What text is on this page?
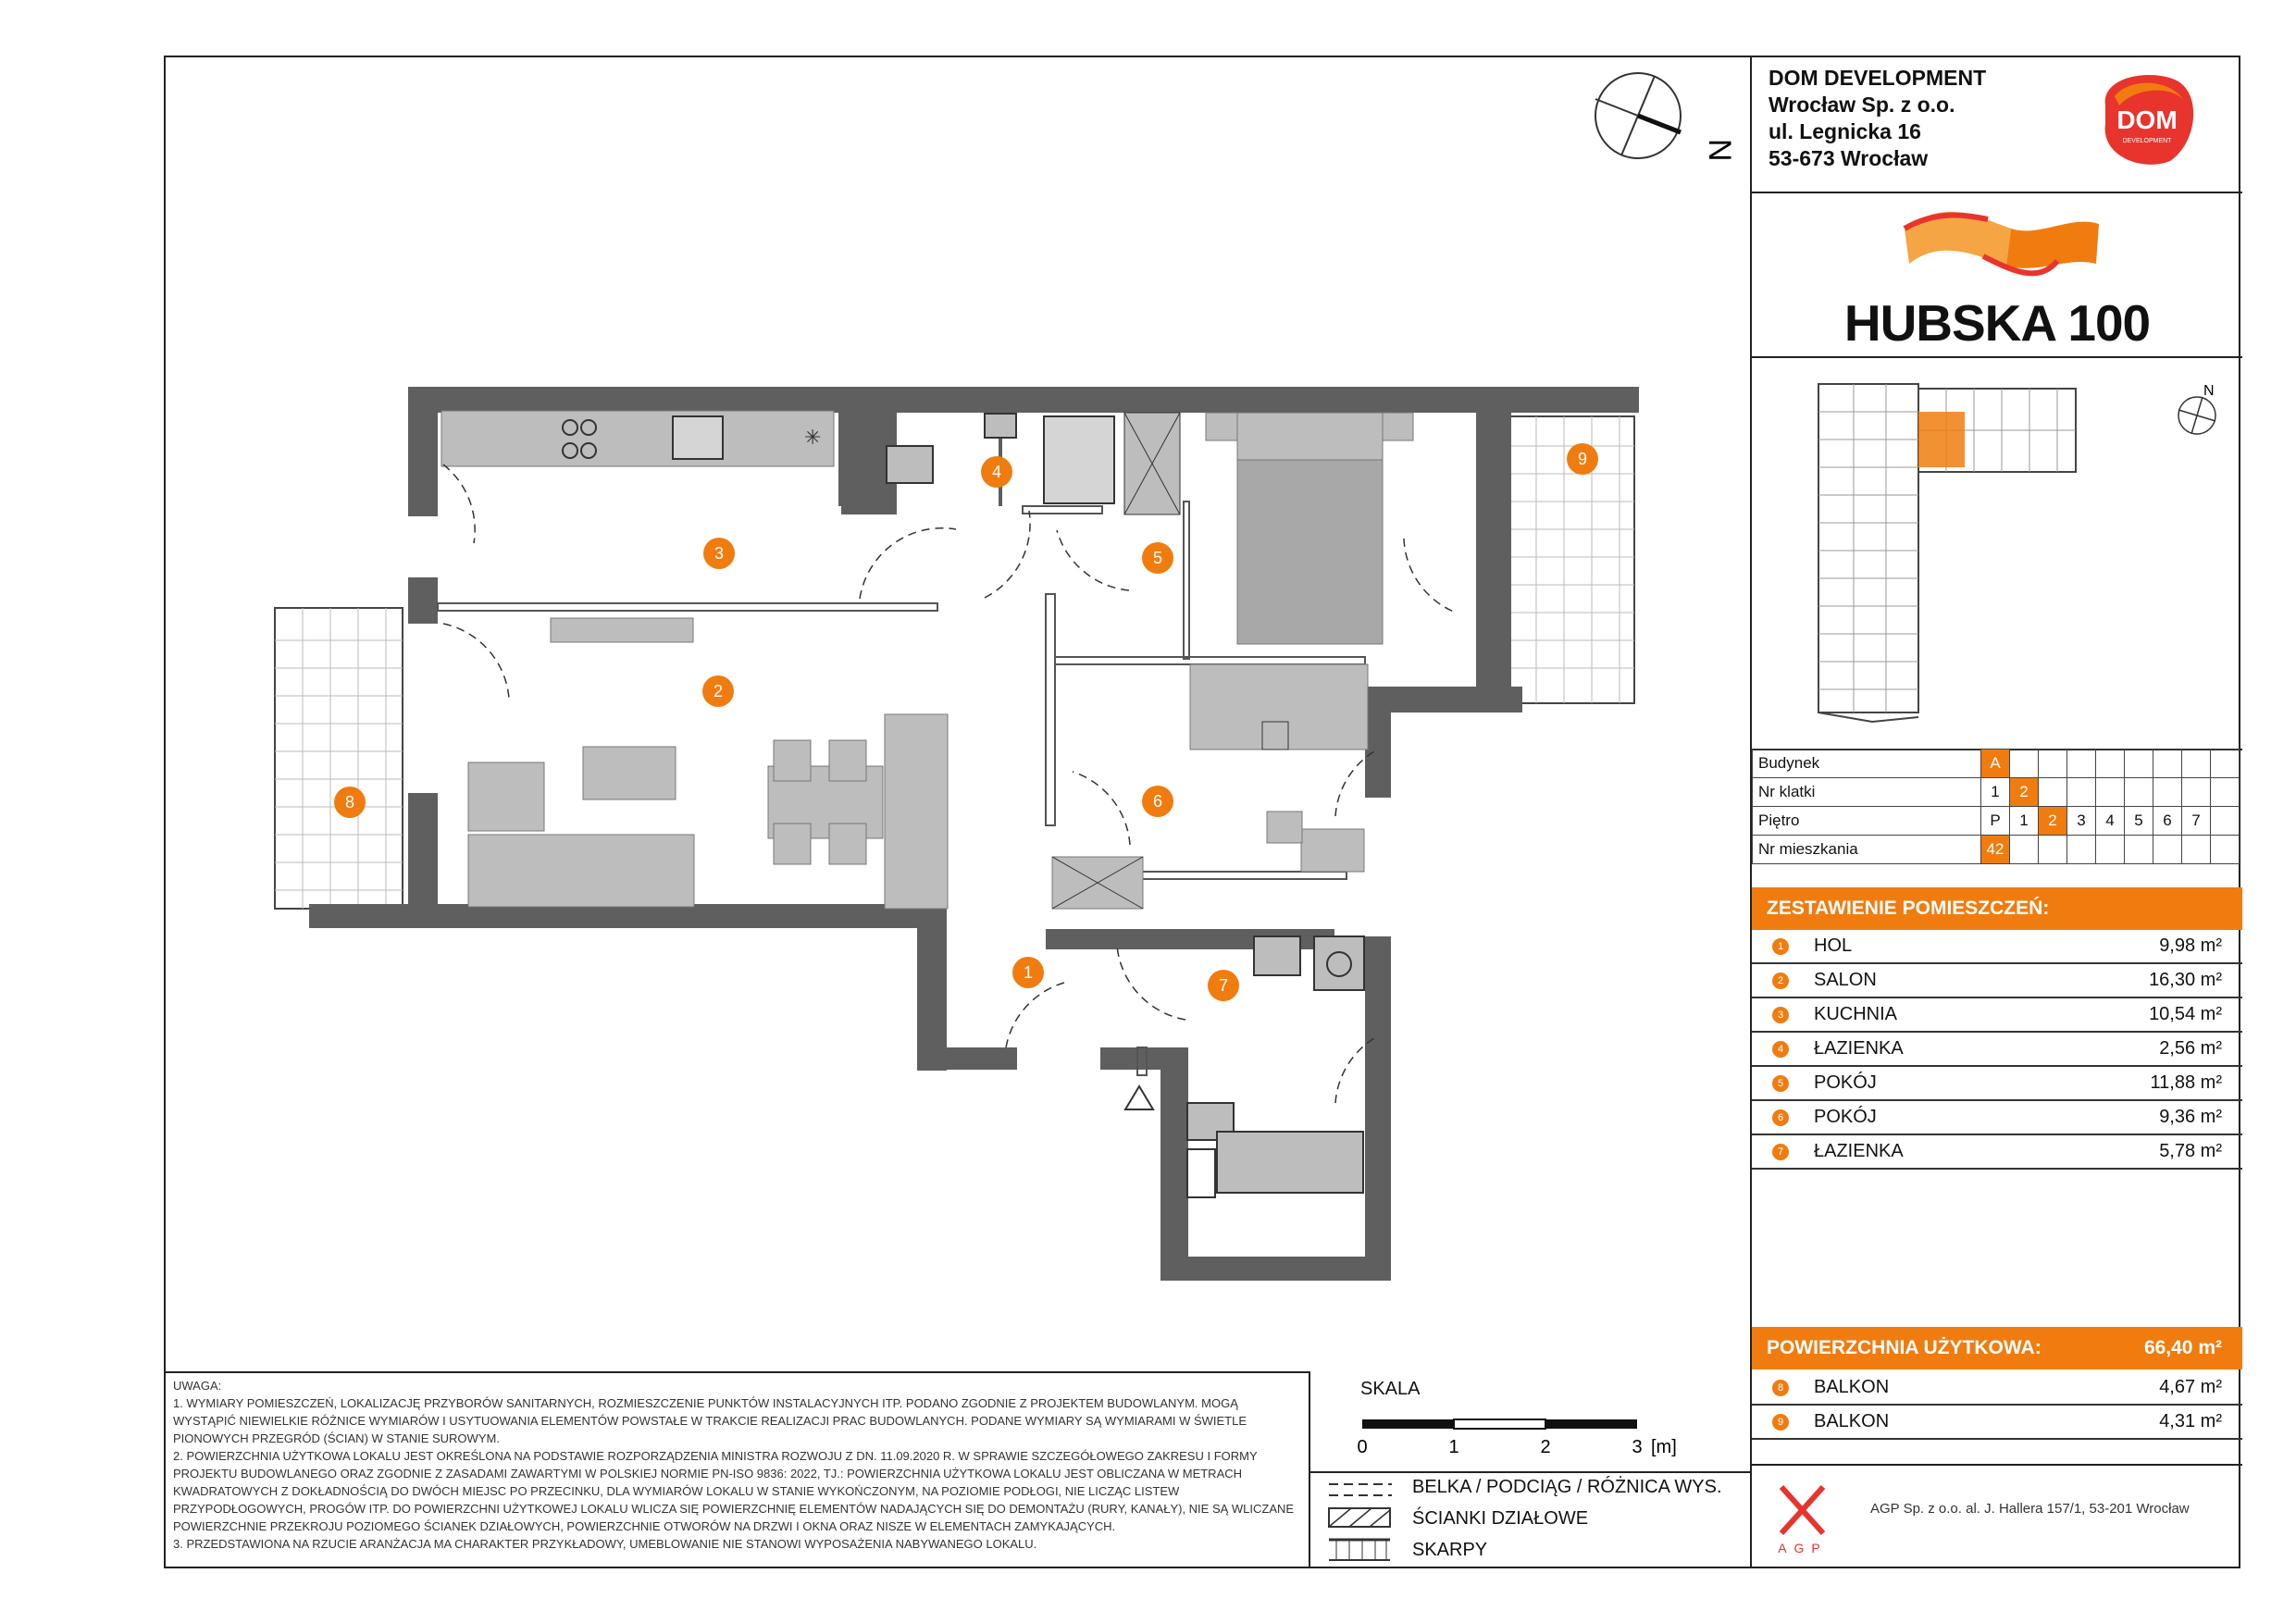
N
✳
1
2
3
4
5
6
7
8
9
DOM DEVELOPMENT
Wrocław Sp. z o.o.
ul. Legnicka 16
53-673 Wrocław
DOM
DEVELOPMENT
HUBSKA 100
N
Budynek	A								
Nr klatki	1	2							
Piętro	P	1	2	3	4	5	6	7	
Nr mieszkania	42								
ZESTAWIENIE POMIESZCZEŃ:
1 HOL	9,98 m²
2 SALON	16,30 m²
3 KUCHNIA	10,54 m²
4 ŁAZIENKA	2,56 m²
5 POKÓJ	11,88 m²
6 POKÓJ	9,36 m²
7 ŁAZIENKA	5,78 m²
POWIERZCHNIA UŻYTKOWA:	66,40 m²
8 BALKON	4,67 m²
9 BALKON	4,31 m²
AGP
AGP Sp. z o.o. al. J. Hallera 157/1, 53-201 Wrocław

UWAGA:

1. WYMIARY POMIESZCZEŃ, LOKALIZACJĘ PRZYBORÓW SANITARNYCH, ROZMIESZCZENIE PUNKTÓW INSTALACYJNYCH ITP. PODANO ZGODNIE Z PROJEKTEM BUDOWLANYM. MOGĄ WYSTĄPIĆ NIEWIELKIE RÓŻNICE WYMIARÓW I USYTUOWANIA ELEMENTÓW POWSTAŁE W TRAKCIE REALIZACJI PRAC BUDOWLANYCH. PODANE WYMIARY SĄ WYMIARAMI W ŚWIETLE PIONOWYCH PRZEGRÓD (ŚCIAN) W STANIE SUROWYM.

2. POWIERZCHNIA UŻYTKOWA LOKALU JEST OKREŚLONA NA PODSTAWIE ROZPORZĄDZENIA MINISTRA ROZWOJU Z DN. 11.09.2020 R. W SPRAWIE SZCZEGÓŁOWEGO ZAKRESU I FORMY PROJEKTU BUDOWLANEGO ORAZ ZGODNIE Z ZASADAMI ZAWARTYMI W POLSKIEJ NORMIE PN-ISO 9836: 2022, TJ.: POWIERZCHNIA UŻYTKOWA LOKALU JEST OBLICZANA W METRACH KWADRATOWYCH Z DOKŁADNOŚCIĄ DO DWÓCH MIEJSC PO PRZECINKU, DLA WYMIARÓW LOKALU W STANIE WYKOŃCZONYM, NA POZIOMIE PODŁOGI, NIE LICZĄC LISTEW PRZYPODŁOGOWYCH, PROGÓW ITP. DO POWIERZCHNI UŻYTKOWEJ LOKALU WLICZA SIĘ POWIERZCHNIĘ ELEMENTÓW NADAJĄCYCH SIĘ DO DEMONTAŻU (RURY, KANAŁY), NIE SĄ WLICZANE POWIERZCHNIE PRZEKROJU POZIOMEGO ŚCIANEK DZIAŁOWYCH, POWIERZCHNIE OTWORÓW NA DRZWI I OKNA ORAZ NISZE W ELEMENTACH ZAMYKAJĄCYCH.

3. PRZEDSTAWIONA NA RZUCIE ARANŻACJA MA CHARAKTER PRZYKŁADOWY, UMEBLOWANIE NIE STANOWI WYPOSAŻENIA NABYWANEGO LOKALU.

SKALA
0	1	2	3 [m]
BELKA / PODCIĄG / RÓŻNICA WYS.
ŚCIANKI DZIAŁOWE
SKARPY
